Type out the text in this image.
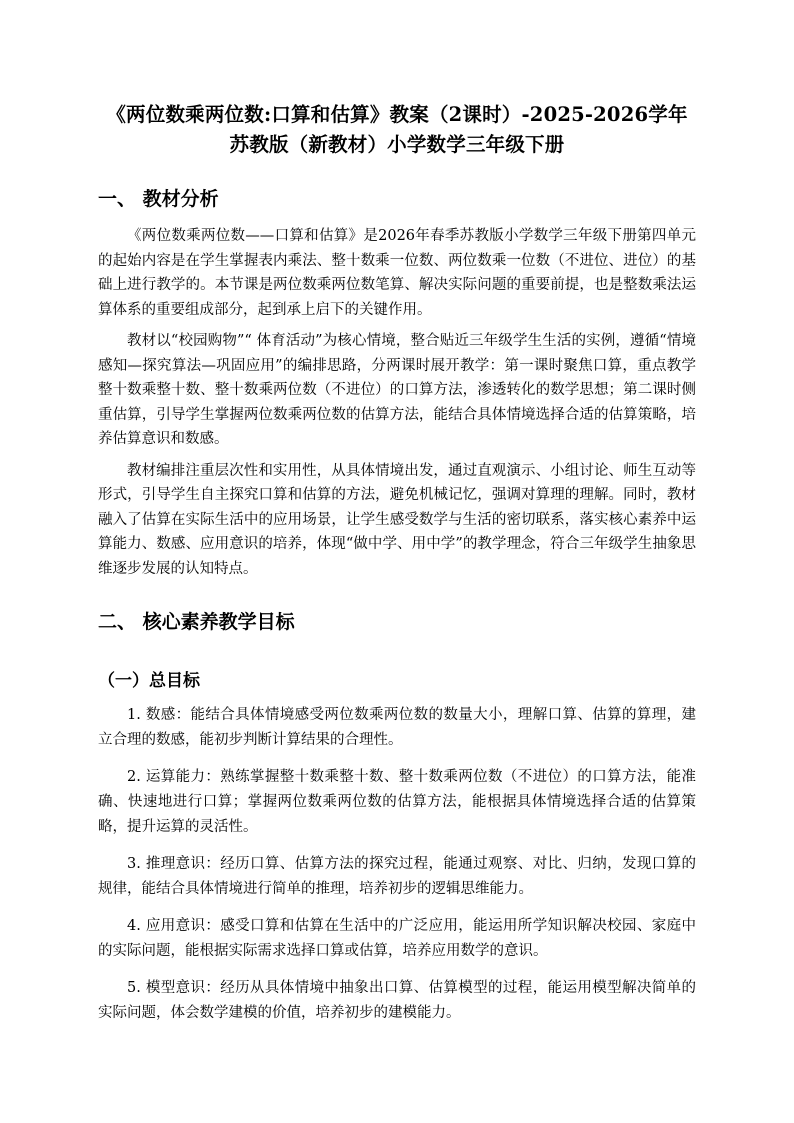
《两位数乘两位数:口算和估算》教案（2课时）-2025-2026学年
苏教版（新教材）小学数学三年级下册
一、 教材分析

《两位数乘两位数——口算和估算》是2026年春季苏教版小学数学三年级下册第四单元的起始内容是在学生掌握表内乘法、整十数乘一位数、两位数乘一位数（不进位、进位）的基础上进行教学的。本节课是两位数乘两位数笔算、解决实际问题的重要前提，也是整数乘法运算体系的重要组成部分，起到承上启下的关键作用。

教材以“校园购物”“ 体育活动”为核心情境，整合贴近三年级学生生活的实例，遵循“情境感知—探究算法—巩固应用”的编排思路，分两课时展开教学：第一课时聚焦口算，重点教学整十数乘整十数、整十数乘两位数（不进位）的口算方法，渗透转化的数学思想；第二课时侧重估算，引导学生掌握两位数乘两位数的估算方法，能结合具体情境选择合适的估算策略，培养估算意识和数感。

教材编排注重层次性和实用性，从具体情境出发，通过直观演示、小组讨论、师生互动等形式，引导学生自主探究口算和估算的方法，避免机械记忆，强调对算理的理解。同时，教材融入了估算在实际生活中的应用场景，让学生感受数学与生活的密切联系，落实核心素养中运算能力、数感、应用意识的培养，体现“做中学、用中学”的教学理念，符合三年级学生抽象思维逐步发展的认知特点。

二、 核心素养教学目标
（一）总目标

1. 数感：能结合具体情境感受两位数乘两位数的数量大小，理解口算、估算的算理，建立合理的数感，能初步判断计算结果的合理性。

2. 运算能力：熟练掌握整十数乘整十数、整十数乘两位数（不进位）的口算方法，能准确、快速地进行口算；掌握两位数乘两位数的估算方法，能根据具体情境选择合适的估算策略，提升运算的灵活性。

3. 推理意识：经历口算、估算方法的探究过程，能通过观察、对比、归纳，发现口算的规律，能结合具体情境进行简单的推理，培养初步的逻辑思维能力。

4. 应用意识：感受口算和估算在生活中的广泛应用，能运用所学知识解决校园、家庭中的实际问题，能根据实际需求选择口算或估算，培养应用数学的意识。

5. 模型意识：经历从具体情境中抽象出口算、估算模型的过程，能运用模型解决简单的实际问题，体会数学建模的价值，培养初步的建模能力。
